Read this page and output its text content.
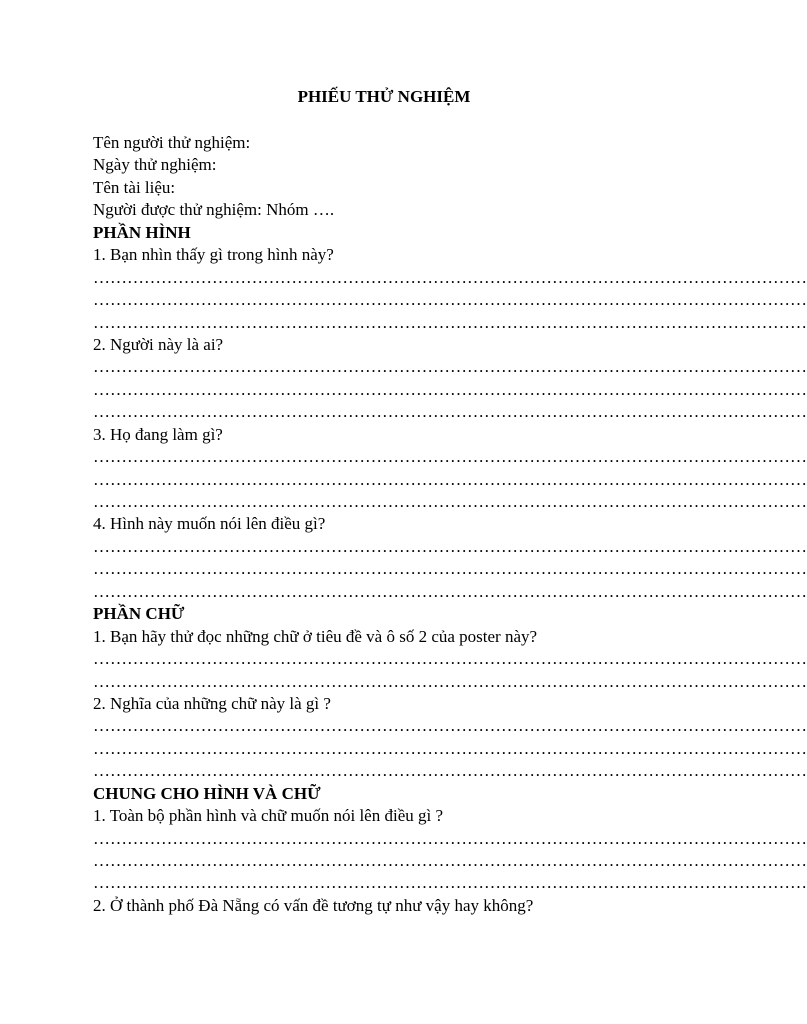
PHIẾU THỬ NGHIỆM
Tên người thử nghiệm:
Ngày thử nghiệm:
Tên tài liệu:
Người được thử nghiệm: Nhóm ….
PHẦN HÌNH
1. Bạn nhìn thấy gì trong hình này?
………………………………………………………………………………………………………………
………………………………………………………………………………………………………………
………………………………………………………………………………………………………………
2. Người này là ai?
………………………………………………………………………………………………………………
………………………………………………………………………………………………………………
………………………………………………………………………………………………………………
3. Họ đang làm gì?
………………………………………………………………………………………………………………
………………………………………………………………………………………………………………
………………………………………………………………………………………………………………
4. Hình này muốn nói lên điều gì?
………………………………………………………………………………………………………………
………………………………………………………………………………………………………………
………………………………………………………………………………………………………………
PHẦN CHỮ
1. Bạn hãy thử đọc những chữ ở tiêu đề và ô số 2 của poster này?
………………………………………………………………………………………………………………
………………………………………………………………………………………………………………
2. Nghĩa của những chữ này là gì ?
………………………………………………………………………………………………………………
………………………………………………………………………………………………………………
………………………………………………………………………………………………………………
CHUNG CHO HÌNH VÀ CHỮ
1. Toàn bộ phần hình và chữ muốn nói lên điều gì ?
………………………………………………………………………………………………………………
………………………………………………………………………………………………………………
………………………………………………………………………………………………………………
2. Ở thành phố Đà Nẵng có vấn đề tương tự như vậy hay không?
